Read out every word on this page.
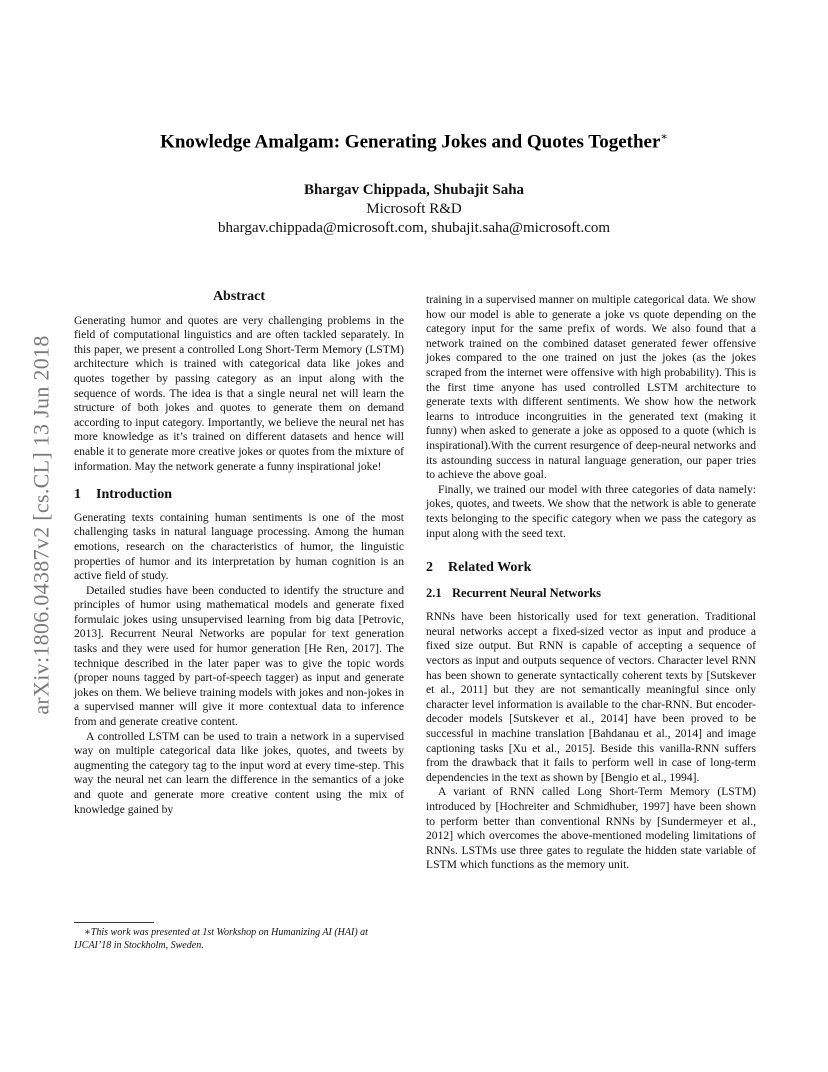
arXiv:1806.04387v2 [cs.CL] 13 Jun 2018
Knowledge Amalgam: Generating Jokes and Quotes Together∗
Bhargav Chippada, Shubajit Saha
Microsoft R&D
bhargav.chippada@microsoft.com, shubajit.saha@microsoft.com
Abstract

Generating humor and quotes are very challenging problems in the field of computational linguistics and are often tackled separately. In this paper, we present a controlled Long Short-Term Memory (LSTM) architecture which is trained with categorical data like jokes and quotes together by passing category as an input along with the sequence of words. The idea is that a single neural net will learn the structure of both jokes and quotes to generate them on demand according to input category. Importantly, we believe the neural net has more knowledge as it’s trained on different datasets and hence will enable it to generate more creative jokes or quotes from the mixture of information. May the network generate a funny inspirational joke!

1	Introduction

Generating texts containing human sentiments is one of the most challenging tasks in natural language processing. Among the human emotions, research on the characteristics of humor, the linguistic properties of humor and its interpretation by human cognition is an active field of study.

Detailed studies have been conducted to identify the structure and principles of humor using mathematical models and generate fixed formulaic jokes using unsupervised learning from big data [Petrovic, 2013]. Recurrent Neural Networks are popular for text generation tasks and they were used for humor generation [He Ren, 2017]. The technique described in the later paper was to give the topic words (proper nouns tagged by part-of-speech tagger) as input and generate jokes on them. We believe training models with jokes and non-jokes in a supervised manner will give it more contextual data to inference from and generate creative content.

A controlled LSTM can be used to train a network in a supervised way on multiple categorical data like jokes, quotes, and tweets by augmenting the category tag to the input word at every time-step. This way the neural net can learn the difference in the semantics of a joke and quote and generate more creative content using the mix of knowledge gained by

training in a supervised manner on multiple categorical data. We show how our model is able to generate a joke vs quote depending on the category input for the same prefix of words. We also found that a network trained on the combined dataset generated fewer offensive jokes compared to the one trained on just the jokes (as the jokes scraped from the internet were offensive with high probability). This is the first time anyone has used controlled LSTM architecture to generate texts with different sentiments. We show how the network learns to introduce incongruities in the generated text (making it funny) when asked to generate a joke as opposed to a quote (which is inspirational).With the current resurgence of deep-neural networks and its astounding success in natural language generation, our paper tries to achieve the above goal.

Finally, we trained our model with three categories of data namely: jokes, quotes, and tweets. We show that the network is able to generate texts belonging to the specific category when we pass the category as input along with the seed text.

2	Related Work
2.1 Recurrent Neural Networks

RNNs have been historically used for text generation. Traditional neural networks accept a fixed-sized vector as input and produce a fixed size output. But RNN is capable of accepting a sequence of vectors as input and outputs sequence of vectors. Character level RNN has been shown to generate syntactically coherent texts by [Sutskever et al., 2011] but they are not semantically meaningful since only character level information is available to the char-RNN. But encoder-decoder models [Sutskever et al., 2014] have been proved to be successful in machine translation [Bahdanau et al., 2014] and image captioning tasks [Xu et al., 2015]. Beside this vanilla-RNN suffers from the drawback that it fails to perform well in case of long-term dependencies in the text as shown by [Bengio et al., 1994].

A variant of RNN called Long Short-Term Memory (LSTM) introduced by [Hochreiter and Schmidhuber, 1997] have been shown to perform better than conventional RNNs by [Sundermeyer et al., 2012] which overcomes the above-mentioned modeling limitations of RNNs. LSTMs use three gates to regulate the hidden state variable of LSTM which functions as the memory unit.

∗This work was presented at 1st Workshop on Humanizing AI (HAI) at IJCAI’18 in Stockholm, Sweden.
